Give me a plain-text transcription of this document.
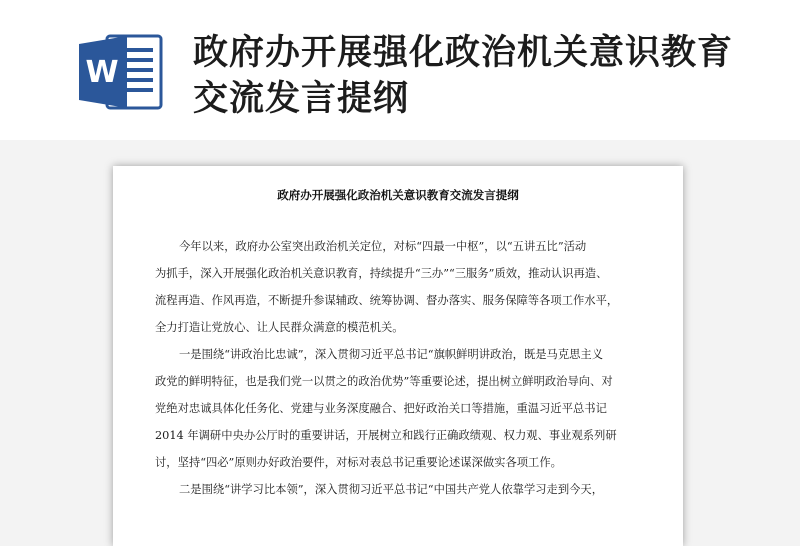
W 政府办开展强化政治机关意识教育交流发言提纲
政府办开展强化政治机关意识教育交流发言提纲
今年以来，政府办公室突出政治机关定位，对标“四最一中枢”，以“五讲五比”活动
为抓手，深入开展强化政治机关意识教育，持续提升“三办”“三服务”质效，推动认识再造、
流程再造、作风再造，不断提升参谋辅政、统筹协调、督办落实、服务保障等各项工作水平，
全力打造让党放心、让人民群众满意的模范机关。
一是围绕“讲政治比忠诚”，深入贯彻习近平总书记“旗帜鲜明讲政治，既是马克思主义
政党的鲜明特征，也是我们党一以贯之的政治优势”等重要论述，提出树立鲜明政治导向、对
党绝对忠诚具体化任务化、党建与业务深度融合、把好政治关口等措施，重温习近平总书记
2014 年调研中央办公厅时的重要讲话，开展树立和践行正确政绩观、权力观、事业观系列研
讨，坚持“四必”原则办好政治要件，对标对表总书记重要论述谋深做实各项工作。
二是围绕“讲学习比本领”，深入贯彻习近平总书记“中国共产党人依靠学习走到今天，
